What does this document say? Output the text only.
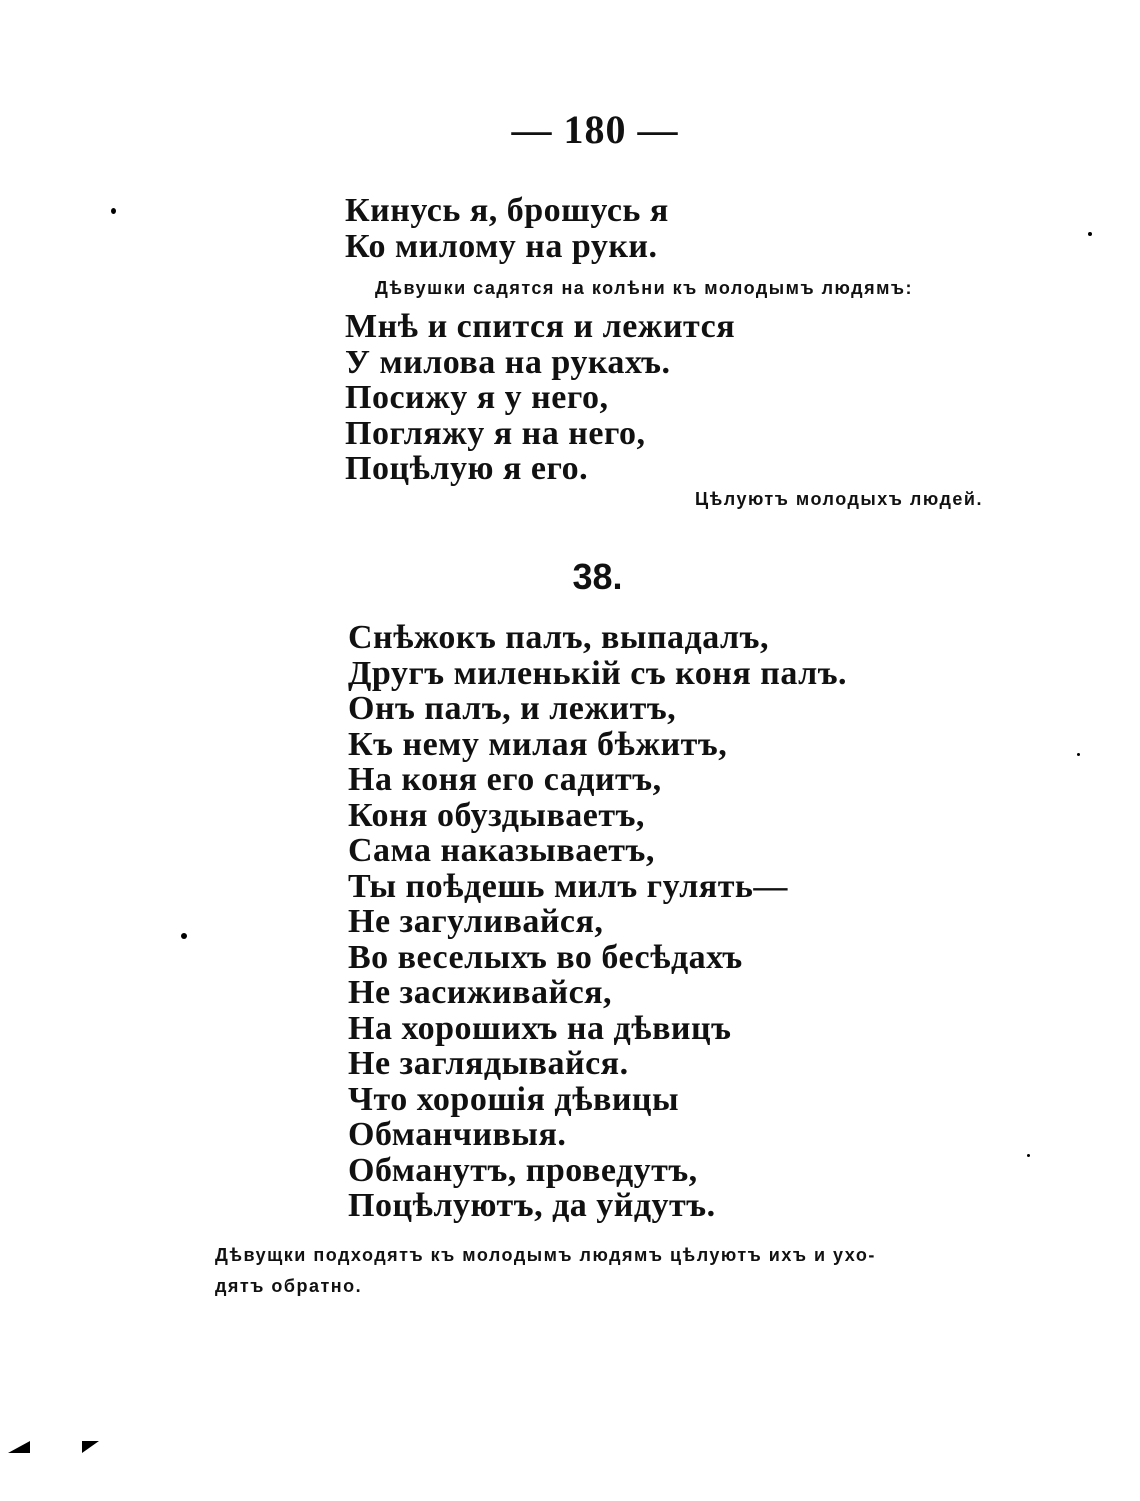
— 180 —
Кинусь я, брошусь я
Ко милому на руки.
Дѣвушки садятся на колѣни къ молодымъ людямъ:
Мнѣ и спится и лежится
У милова на рукахъ.
Посижу я у него,
Погляжу я на него,
Поцѣлую я его.
Цѣлуютъ молодыхъ людей.
38.
Снѣжокъ палъ, выпадалъ,
Другъ миленькій съ коня палъ.
Онъ палъ, и лежитъ,
Къ нему милая бѣжитъ,
На коня его садитъ,
Коня обуздываетъ,
Сама наказываетъ,
Ты поѣдешь милъ гулять—
Не загуливайся,
Во веселыхъ во бесѣдахъ
Не засиживайся,
На хорошихъ на дѣвицъ
Не заглядывайся.
Что хорошія дѣвицы
Обманчивыя.
Обманутъ, проведутъ,
Поцѣлуютъ, да уйдутъ.
Дѣвущки подходятъ къ молодымъ людямъ цѣлуютъ ихъ и ухо-
дятъ обратно.
